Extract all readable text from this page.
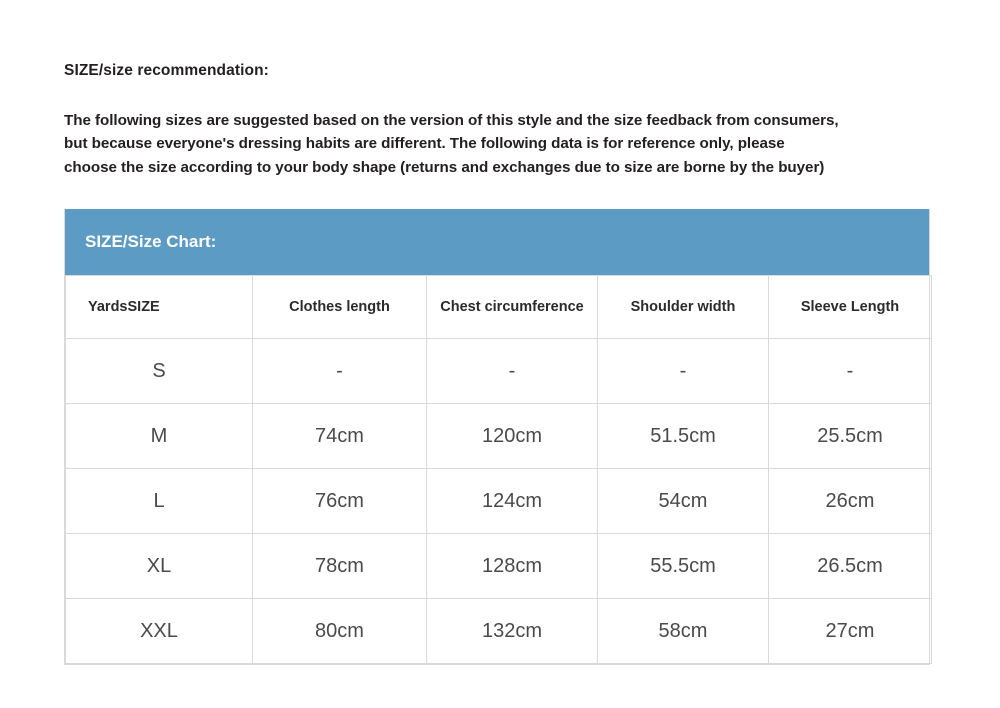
SIZE/size recommendation:
The following sizes are suggested based on the version of this style and the size feedback from consumers,
but because everyone's dressing habits are different. The following data is for reference only, please
choose the size according to your body shape (returns and exchanges due to size are borne by the buyer)
SIZE/Size Chart:
YardsSIZE	Clothes length	Chest circumference	Shoulder width	Sleeve Length
S	-	-	-	-
M	74cm	120cm	51.5cm	25.5cm
L	76cm	124cm	54cm	26cm
XL	78cm	128cm	55.5cm	26.5cm
XXL	80cm	132cm	58cm	27cm
